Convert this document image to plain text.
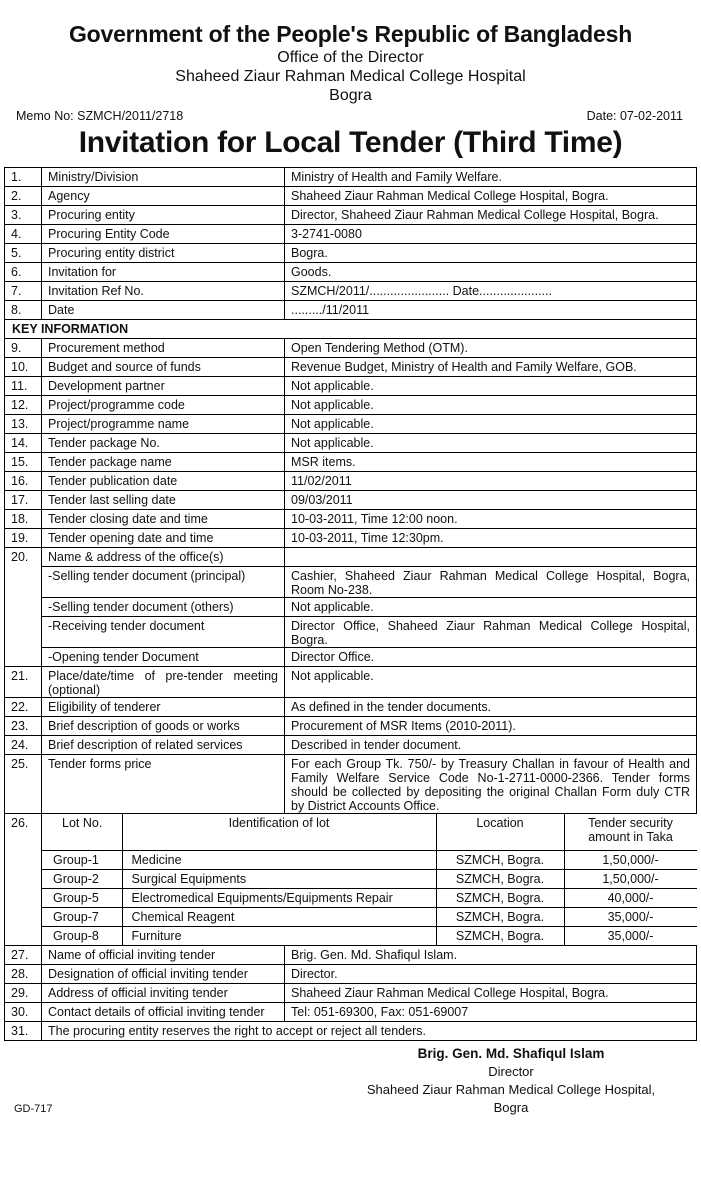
Government of the People's Republic of Bangladesh
Office of the Director
Shaheed Ziaur Rahman Medical College Hospital
Bogra
Memo No: SZMCH/2011/2718	Date: 07-02-2011
Invitation for Local Tender (Third Time)
1.	Ministry/Division	Ministry of Health and Family Welfare.
2.	Agency	Shaheed Ziaur Rahman Medical College Hospital, Bogra.
3.	Procuring entity	Director, Shaheed Ziaur Rahman Medical College Hospital, Bogra.
4.	Procuring Entity Code	3-2741-0080
5.	Procuring entity district	Bogra.
6.	Invitation for	Goods.
7.	Invitation Ref No.	SZMCH/2011/....................... Date.....................
8.	Date	........./11/2011
KEY INFORMATION
9.	Procurement method	Open Tendering Method (OTM).
10.	Budget and source of funds	Revenue Budget, Ministry of Health and Family Welfare, GOB.
11.	Development partner	Not applicable.
12.	Project/programme code	Not applicable.
13.	Project/programme name	Not applicable.
14.	Tender package No.	Not applicable.
15.	Tender package name	MSR items.
16.	Tender publication date	11/02/2011
17.	Tender last selling date	09/03/2011
18.	Tender closing date and time	10-03-2011, Time 12:00 noon.
19.	Tender opening date and time	10-03-2011, Time 12:30pm.
20.	Name & address of the office(s)	
-Selling tender document (principal)	Cashier, Shaheed Ziaur Rahman Medical College Hospital, Bogra, Room No-238.
-Selling tender document (others)	Not applicable.
-Receiving tender document	Director Office, Shaheed Ziaur Rahman Medical College Hospital, Bogra.
-Opening tender Document	Director Office.
21.	Place/date/time of pre-tender meeting (optional)	Not applicable.
22.	Eligibility of tenderer	As defined in the tender documents.
23.	Brief description of goods or works	Procurement of MSR Items (2010-2011).
24.	Brief description of related services	Described in tender document.
25.	Tender forms price	For each Group Tk. 750/- by Treasury Challan in favour of Health and Family Welfare Service Code No-1-2711-0000-2366. Tender forms should be collected by depositing the original Challan Form duly CTR by District Accounts Office.
26.		Lot No.	Identification of lot	Location	Tender security amount in Taka
Group-1	Medicine	SZMCH, Bogra.	1,50,000/-
Group-2	Surgical Equipments	SZMCH, Bogra.	1,50,000/-
Group-5	Electromedical Equipments/Equipments Repair	SZMCH, Bogra.	40,000/-
Group-7	Chemical Reagent	SZMCH, Bogra.	35,000/-
Group-8	Furniture	SZMCH, Bogra.	35,000/-

27.	Name of official inviting tender	Brig. Gen. Md. Shafiqul Islam.
28.	Designation of official inviting tender	Director.
29.	Address of official inviting tender	Shaheed Ziaur Rahman Medical College Hospital, Bogra.
30.	Contact details of official inviting tender	Tel: 051-69300, Fax: 051-69007
31.	The procuring entity reserves the right to accept or reject all tenders.
Brig. Gen. Md. Shafiqul Islam
Director
Shaheed Ziaur Rahman Medical College Hospital,
Bogra
GD-717
